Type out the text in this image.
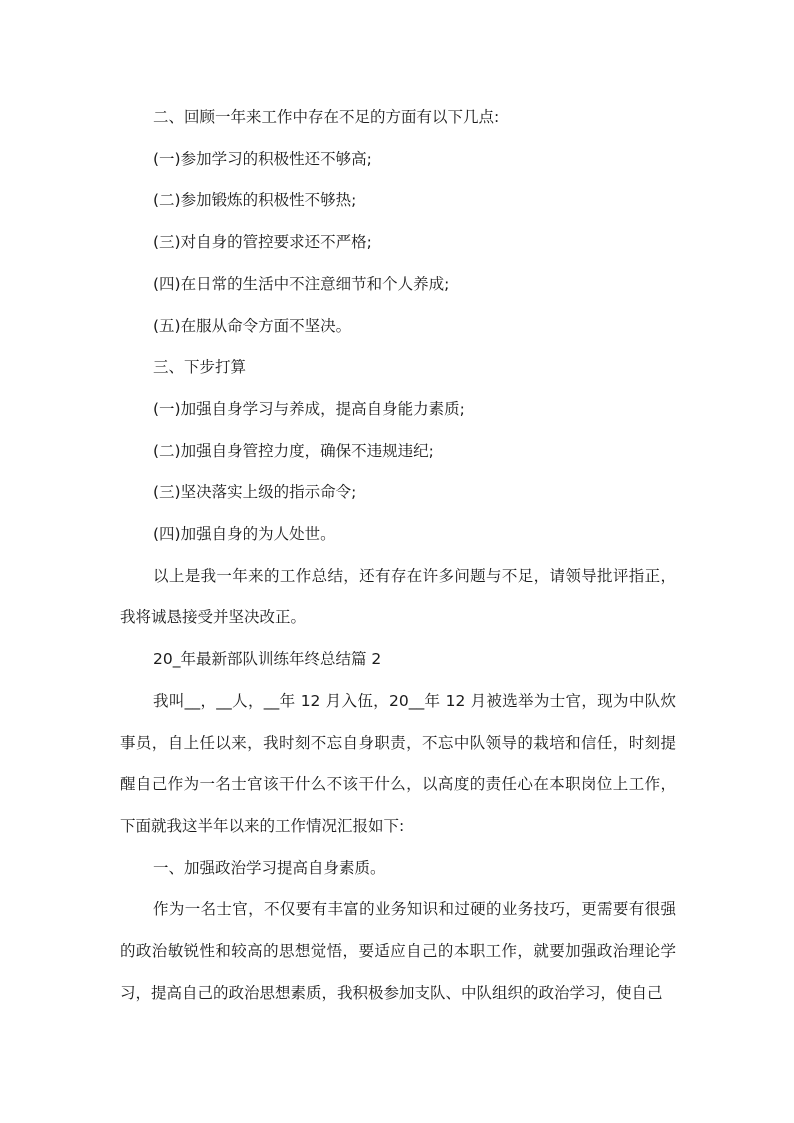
二、回顾一年来工作中存在不足的方面有以下几点:

(一)参加学习的积极性还不够高;

(二)参加锻炼的积极性不够热;

(三)对自身的管控要求还不严格;

(四)在日常的生活中不注意细节和个人养成;

(五)在服从命令方面不坚决。

三、下步打算

(一)加强自身学习与养成，提高自身能力素质;

(二)加强自身管控力度，确保不违规违纪;

(三)坚决落实上级的指示命令;

(四)加强自身的为人处世。

以上是我一年来的工作总结，还有存在许多问题与不足，请领导批评指正，我将诚恳接受并坚决改正。

20_年最新部队训练年终总结篇 2

我叫__，__人，__年 12 月入伍，20__年 12 月被选举为士官，现为中队炊事员，自上任以来，我时刻不忘自身职责，不忘中队领导的栽培和信任，时刻提醒自己作为一名士官该干什么不该干什么，以高度的责任心在本职岗位上工作，下面就我这半年以来的工作情况汇报如下:

一、加强政治学习提高自身素质。

作为一名士官，不仅要有丰富的业务知识和过硬的业务技巧，更需要有很强的政治敏锐性和较高的思想觉悟，要适应自己的本职工作，就要加强政治理论学习，提高自己的政治思想素质，我积极参加支队、中队组织的政治学习，使自己
